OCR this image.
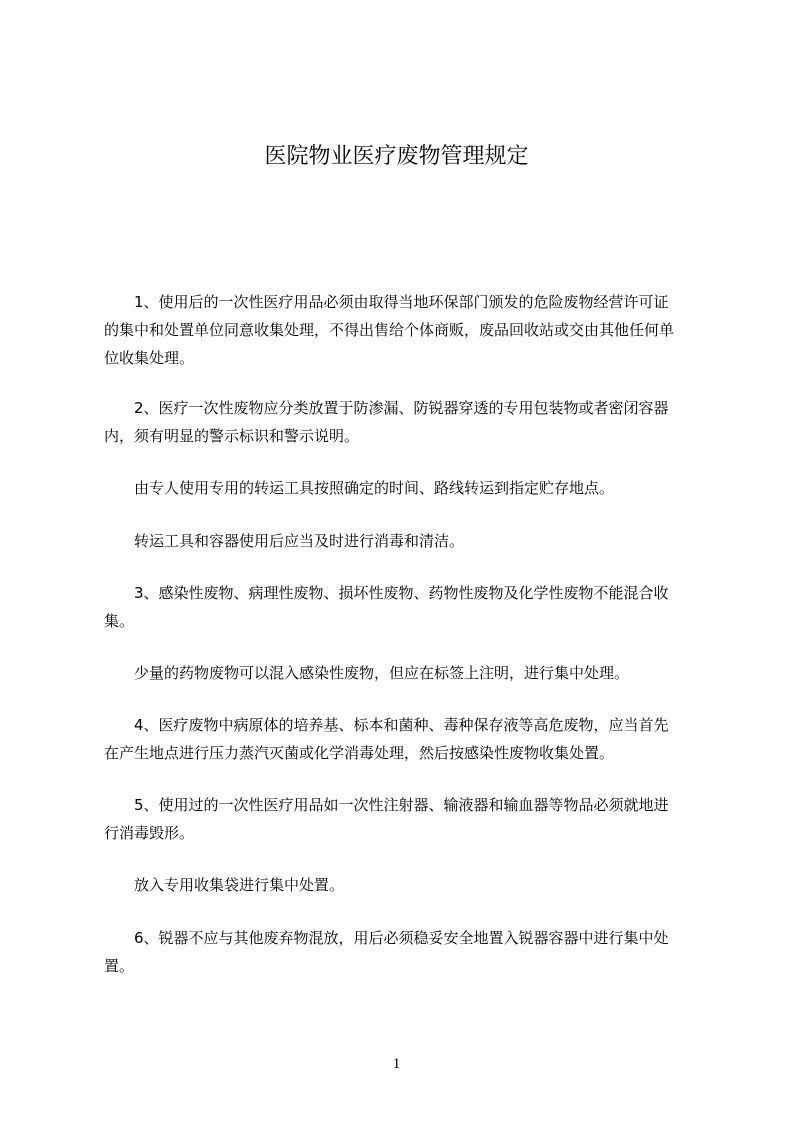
医院物业医疗废物管理规定

　　1、使用后的一次性医疗用品必须由取得当地环保部门颁发的危险废物经营许可证
的集中和处置单位同意收集处理，不得出售给个体商贩，废品回收站或交由其他任何单
位收集处理。

　　2、医疗一次性废物应分类放置于防渗漏、防锐器穿透的专用包装物或者密闭容器
内，须有明显的警示标识和警示说明。

　　由专人使用专用的转运工具按照确定的时间、路线转运到指定贮存地点。

　　转运工具和容器使用后应当及时进行消毒和清洁。

　　3、感染性废物、病理性废物、损坏性废物、药物性废物及化学性废物不能混合收
集。

　　少量的药物废物可以混入感染性废物，但应在标签上注明，进行集中处理。

　　4、医疗废物中病原体的培养基、标本和菌种、毒种保存液等高危废物，应当首先
在产生地点进行压力蒸汽灭菌或化学消毒处理，然后按感染性废物收集处置。

　　5、使用过的一次性医疗用品如一次性注射器、输液器和输血器等物品必须就地进
行消毒毁形。

　　放入专用收集袋进行集中处置。

　　6、锐器不应与其他废弃物混放，用后必须稳妥安全地置入锐器容器中进行集中处
置。

1
